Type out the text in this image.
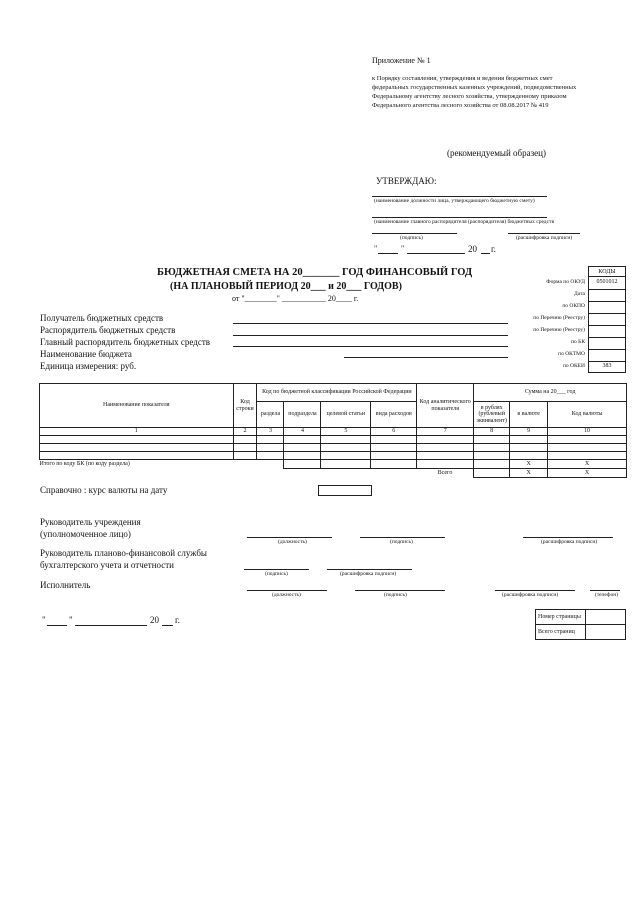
Приложение № 1
к Порядку составления, утверждения и ведения бюджетных смет
федеральных государственных казенных учреждений, подведомственных
Федеральному агентству лесного хозяйства, утвержденному приказом
Федерального агентства лесного хозяйства от 08.08.2017 № 419
(рекомендуемый образец)
УТВЕРЖДАЮ:
(наименование должности лица, утверждающего бюджетную смету)
(наименование главного распорядителя (распорядителя) бюджетных средств
(подпись)	(расшифровка подписи)
"	"	20 г.
БЮДЖЕТНАЯ СМЕТА НА 20_______ ГОД ФИНАНСОВЫЙ ГОД
(НА ПЛАНОВЫЙ ПЕРИОД 20___ и 20___ ГОДОВ)
от "________" ___________ 20____ г.
КОДЫ
Форма по ОКУД	0501012
Дата
по ОКПО
по Перечню (Реестру)
по Перечню (Реестру)
по БК
по ОКТМО
по ОКЕИ	383
Получатель бюджетных средств
Распорядитель бюджетных средств
Главный распорядитель бюджетных средств
Наименование бюджета
Единица измерения: руб.
Наименование показателя	Код строки	Код по бюджетной классификации Российской Федерации				Код аналитического показателя	Сумма на 20___ год		
		раздела	подраздела	целевой статьи	вида расходов		в рублях (рублевый эквивалент)	в валюте	Код валюты
1	2	3	4	5	6	7	8	9	10

Итого по коду БК (по коду раздела)								X	X
						Всего		X	X
Справочно : курс валюты на дату
Руководитель учреждения
(уполномоченное лицо)
(должность)	(подпись)	(расшифровка подписи)
Руководитель планово-финансовой службы
бухгалтерского учета и отчетности
(подпись)	(расшифровка подписи)
Исполнитель
(должность)	(подпись)	(расшифровка подписи)	(телефон)
"	"	20 г.	Номер страницы	
Всего страниц	
